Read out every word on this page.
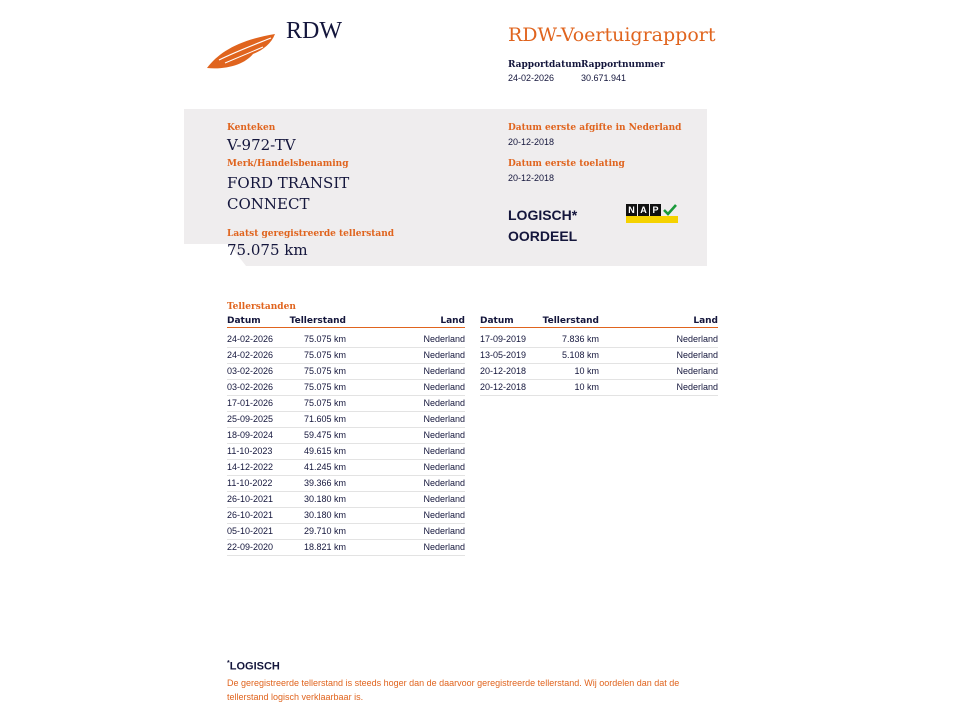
RDW	RDW-Voertuigrapport
Rapportdatum
24-02-2026
Rapportnummer
30.671.941
Kenteken
V-972-TV
Merk/Handelsbenaming
FORD TRANSIT
CONNECT
Laatst geregistreerde tellerstand
75.075 km
Datum eerste afgifte in Nederland
20-12-2018
Datum eerste toelating
20-12-2018
LOGISCH*
OORDEEL
N A P
Tellerstanden
Datum	Tellerstand	Land
24-02-2026	75.075 km	Nederland
24-02-2026	75.075 km	Nederland
03-02-2026	75.075 km	Nederland
03-02-2026	75.075 km	Nederland
17-01-2026	75.075 km	Nederland
25-09-2025	71.605 km	Nederland
18-09-2024	59.475 km	Nederland
11-10-2023	49.615 km	Nederland
14-12-2022	41.245 km	Nederland
11-10-2022	39.366 km	Nederland
26-10-2021	30.180 km	Nederland
26-10-2021	30.180 km	Nederland
05-10-2021	29.710 km	Nederland
22-09-2020	18.821 km	Nederland
Datum	Tellerstand	Land
17-09-2019	7.836 km	Nederland
13-05-2019	5.108 km	Nederland
20-12-2018	10 km	Nederland
20-12-2018	10 km	Nederland
*LOGISCH
De geregistreerde tellerstand is steeds hoger dan de daarvoor geregistreerde tellerstand. Wij oordelen dan dat de tellerstand logisch verklaarbaar is.
